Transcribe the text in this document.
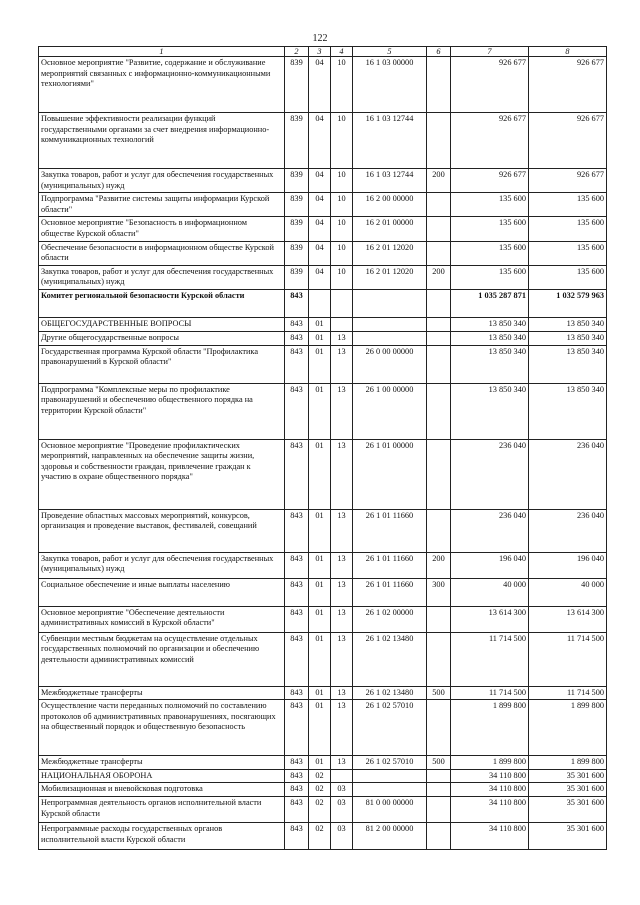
122
1	2	3	4	5	6	7	8
Основное мероприятие "Развитие, содержание и обслуживание мероприятий связанных с информационно-коммуникационными технологиями"	839	04	10	16 1 03 00000		926 677	926 677
Повышение эффективности реализации функций государственными органами за счет внедрения информационно-коммуникационных технологий	839	04	10	16 1 03 12744		926 677	926 677
Закупка товаров, работ и услуг для обеспечения государственных (муниципальных) нужд	839	04	10	16 1 03 12744	200	926 677	926 677
Подпрограмма "Развитие системы защиты информации Курской области"	839	04	10	16 2 00 00000		135 600	135 600
Основное мероприятие "Безопасность в информационном обществе Курской области"	839	04	10	16 2 01 00000		135 600	135 600
Обеспечение безопасности в информационном обществе Курской области	839	04	10	16 2 01 12020		135 600	135 600
Закупка товаров, работ и услуг для обеспечения государственных (муниципальных) нужд	839	04	10	16 2 01 12020	200	135 600	135 600
Комитет региональной безопасности Курской области	843					1 035 287 871	1 032 579 963
ОБЩЕГОСУДАРСТВЕННЫЕ ВОПРОСЫ	843	01				13 850 340	13 850 340
Другие общегосударственные вопросы	843	01	13			13 850 340	13 850 340
Государственная программа Курской области "Профилактика правонарушений в Курской области"	843	01	13	26 0 00 00000		13 850 340	13 850 340
Подпрограмма "Комплексные меры по профилактике правонарушений и обеспечению общественного порядка на территории Курской области"	843	01	13	26 1 00 00000		13 850 340	13 850 340
Основное мероприятие "Проведение профилактических мероприятий, направленных на обеспечение защиты жизни, здоровья и собственности граждан, привлечение граждан к участию в охране общественного порядка"	843	01	13	26 1 01 00000		236 040	236 040
Проведение областных массовых мероприятий, конкурсов, организация и проведение выставок, фестивалей, совещаний	843	01	13	26 1 01 11660		236 040	236 040
Закупка товаров, работ и услуг для обеспечения государственных (муниципальных) нужд	843	01	13	26 1 01 11660	200	196 040	196 040
Социальное обеспечение и иные выплаты населению	843	01	13	26 1 01 11660	300	40 000	40 000
Основное мероприятие "Обеспечение деятельности административных комиссий в Курской области"	843	01	13	26 1 02 00000		13 614 300	13 614 300
Субвенции местным бюджетам на осуществление отдельных государственных полномочий по организации и обеспечению деятельности административных комиссий	843	01	13	26 1 02 13480		11 714 500	11 714 500
Межбюджетные трансферты	843	01	13	26 1 02 13480	500	11 714 500	11 714 500
Осуществление части переданных полномочий по составлению протоколов об административных правонарушениях, посягающих на общественный порядок и общественную безопасность	843	01	13	26 1 02 57010		1 899 800	1 899 800
Межбюджетные трансферты	843	01	13	26 1 02 57010	500	1 899 800	1 899 800
НАЦИОНАЛЬНАЯ ОБОРОНА	843	02				34 110 800	35 301 600
Мобилизационная и вневойсковая подготовка	843	02	03			34 110 800	35 301 600
Непрограммная деятельность органов исполнительной власти Курской области	843	02	03	81 0 00 00000		34 110 800	35 301 600
Непрограммные расходы государственных органов исполнительной власти Курской области	843	02	03	81 2 00 00000		34 110 800	35 301 600
